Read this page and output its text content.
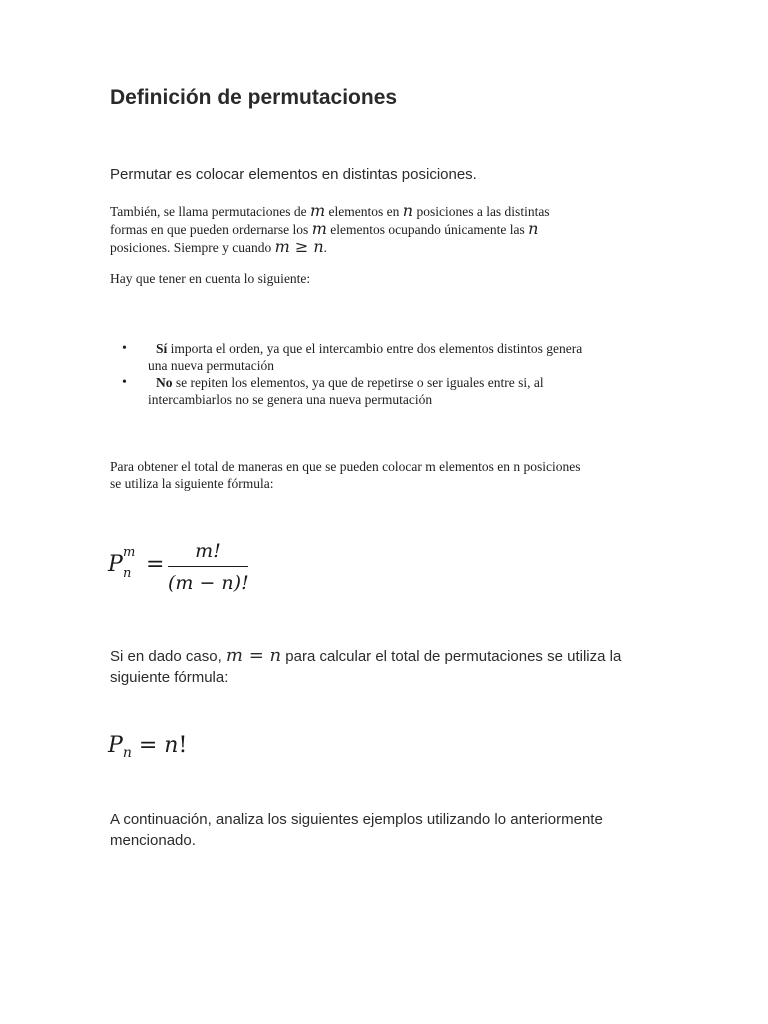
Definición de permutaciones

Permutar es colocar elementos en distintas posiciones.

También, se llama permutaciones de m elementos en n posiciones a las distintas
formas en que pueden ordernarse los m elementos ocupando únicamente las n
posiciones. Siempre y cuando m ≥ n.

Hay que tener en cuenta lo siguiente:

•	Sí importa el orden, ya que el intercambio entre dos elementos distintos genera
una nueva permutación
•	No se repiten los elementos, ya que de repetirse o ser iguales entre si, al
intercambiarlos no se genera una nueva permutación
Para obtener el total de maneras en que se pueden colocar m elementos en n posiciones
se utiliza la siguiente fórmula:
P m
n =
m!
(m − n)!
Si en dado caso, m = n para calcular el total de permutaciones se utiliza la
siguiente fórmula:
$P_n = n$!
A continuación, analiza los siguientes ejemplos utilizando lo anteriormente
mencionado.
